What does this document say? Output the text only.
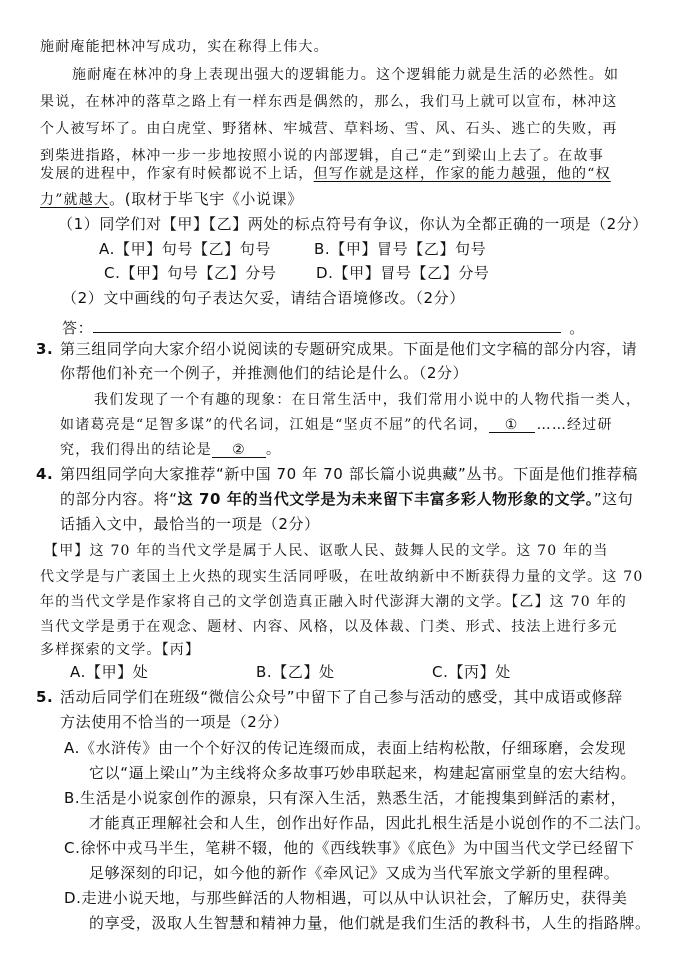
施耐庵能把林冲写成功，实在称得上伟大。
施耐庵在林冲的身上表现出强大的逻辑能力。这个逻辑能力就是生活的必然性。如
果说，在林冲的落草之路上有一样东西是偶然的，那么，我们马上就可以宣布，林冲这
个人被写坏了。由白虎堂、野猪林、牢城营、草料场、雪、风、石头、逃亡的失败，再
到柴进指路，林冲一步一步地按照小说的内部逻辑，自己“走”到梁山上去了。在故事
发展的进程中，作家有时候都说不上话，但写作就是这样，作家的能力越强，他的“权
力”就越大。(取材于毕飞宇《小说课》
（1）同学们对【甲】【乙】两处的标点符号有争议，你认为全都正确的一项是（2分）
A.【甲】句号【乙】句号	B.【甲】冒号【乙】句号
C.【甲】句号【乙】分号	D.【甲】冒号【乙】分号
（2）文中画线的句子表达欠妥，请结合语境修改。（2分）
答：	。
3. 第三组同学向大家介绍小说阅读的专题研究成果。下面是他们文字稿的部分内容，请
你帮他们补充一个例子，并推测他们的结论是什么。（2分）
我们发现了一个有趣的现象：在日常生活中，我们常用小说中的人物代指一类人，
如诸葛亮是“足智多谋”的代名词，江姐是“坚贞不屈”的代名词， ① ……经过研
究，我们得出的结论是 ② 。
4. 第四组同学向大家推荐“新中国 70 年 70 部长篇小说典藏”丛书。下面是他们推荐稿
的部分内容。将“这 70 年的当代文学是为未来留下丰富多彩人物形象的文学。”这句
话插入文中，最恰当的一项是（2分）
【甲】这 70 年的当代文学是属于人民、讴歌人民、鼓舞人民的文学。这 70 年的当
代文学是与广袤国土上火热的现实生活同呼吸，在吐故纳新中不断获得力量的文学。这 70
年的当代文学是作家将自己的文学创造真正融入时代澎湃大潮的文学。【乙】这 70 年的
当代文学是勇于在观念、题材、内容、风格，以及体裁、门类、形式、技法上进行多元
多样探索的文学。【丙】
A.【甲】处	B.【乙】处	C.【丙】处
5. 活动后同学们在班级“微信公众号”中留下了自己参与活动的感受，其中成语或修辞
方法使用不恰当的一项是（2分）
A.《水浒传》由一个个好汉的传记连缀而成，表面上结构松散，仔细琢磨，会发现
它以“逼上梁山”为主线将众多故事巧妙串联起来，构建起富丽堂皇的宏大结构。
B.生活是小说家创作的源泉，只有深入生活，熟悉生活，才能搜集到鲜活的素材，
才能真正理解社会和人生，创作出好作品，因此扎根生活是小说创作的不二法门。
C.徐怀中戎马半生，笔耕不辍，他的《西线轶事》《底色》为中国当代文学已经留下
足够深刻的印记，如今他的新作《牵风记》又成为当代军旅文学新的里程碑。
D.走进小说天地，与那些鲜活的人物相遇，可以从中认识社会，了解历史，获得美
的享受，汲取人生智慧和精神力量，他们就是我们生活的教科书，人生的指路牌。
